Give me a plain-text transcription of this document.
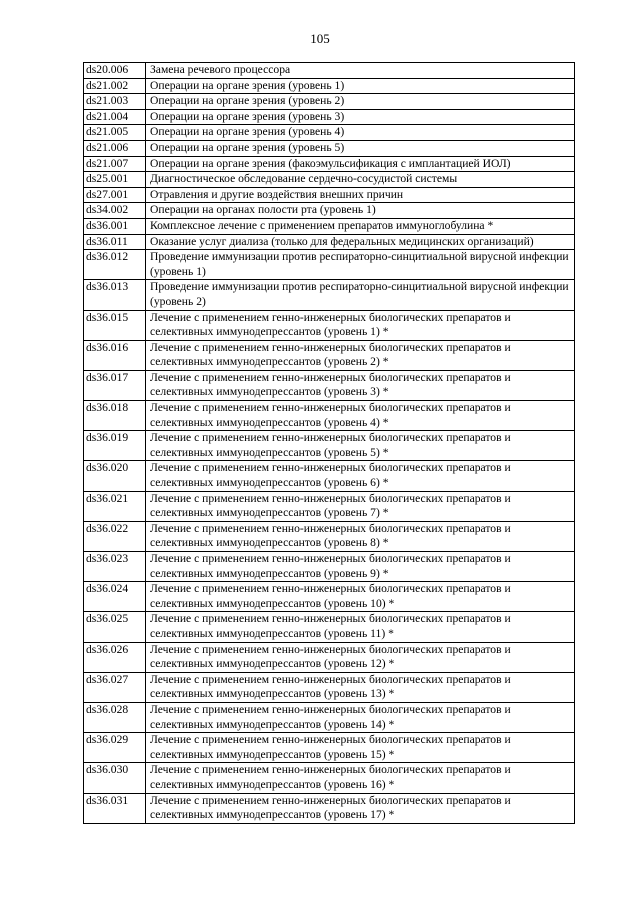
105
ds20.006	Замена речевого процессора
ds21.002	Операции на органе зрения (уровень 1)
ds21.003	Операции на органе зрения (уровень 2)
ds21.004	Операции на органе зрения (уровень 3)
ds21.005	Операции на органе зрения (уровень 4)
ds21.006	Операции на органе зрения (уровень 5)
ds21.007	Операции на органе зрения (факоэмульсификация с имплантацией ИОЛ)
ds25.001	Диагностическое обследование сердечно-сосудистой системы
ds27.001	Отравления и другие воздействия внешних причин
ds34.002	Операции на органах полости рта (уровень 1)
ds36.001	Комплексное лечение с применением препаратов иммуноглобулина *
ds36.011	Оказание услуг диализа (только для федеральных медицинских организаций)
ds36.012	Проведение иммунизации против респираторно-синцитиальной вирусной инфекции (уровень 1)
ds36.013	Проведение иммунизации против респираторно-синцитиальной вирусной инфекции (уровень 2)
ds36.015	Лечение с применением генно-инженерных биологических препаратов и селективных иммунодепрессантов (уровень 1) *
ds36.016	Лечение с применением генно-инженерных биологических препаратов и селективных иммунодепрессантов (уровень 2) *
ds36.017	Лечение с применением генно-инженерных биологических препаратов и селективных иммунодепрессантов (уровень 3) *
ds36.018	Лечение с применением генно-инженерных биологических препаратов и селективных иммунодепрессантов (уровень 4) *
ds36.019	Лечение с применением генно-инженерных биологических препаратов и селективных иммунодепрессантов (уровень 5) *
ds36.020	Лечение с применением генно-инженерных биологических препаратов и селективных иммунодепрессантов (уровень 6) *
ds36.021	Лечение с применением генно-инженерных биологических препаратов и селективных иммунодепрессантов (уровень 7) *
ds36.022	Лечение с применением генно-инженерных биологических препаратов и селективных иммунодепрессантов (уровень 8) *
ds36.023	Лечение с применением генно-инженерных биологических препаратов и селективных иммунодепрессантов (уровень 9) *
ds36.024	Лечение с применением генно-инженерных биологических препаратов и селективных иммунодепрессантов (уровень 10) *
ds36.025	Лечение с применением генно-инженерных биологических препаратов и селективных иммунодепрессантов (уровень 11) *
ds36.026	Лечение с применением генно-инженерных биологических препаратов и селективных иммунодепрессантов (уровень 12) *
ds36.027	Лечение с применением генно-инженерных биологических препаратов и селективных иммунодепрессантов (уровень 13) *
ds36.028	Лечение с применением генно-инженерных биологических препаратов и селективных иммунодепрессантов (уровень 14) *
ds36.029	Лечение с применением генно-инженерных биологических препаратов и селективных иммунодепрессантов (уровень 15) *
ds36.030	Лечение с применением генно-инженерных биологических препаратов и селективных иммунодепрессантов (уровень 16) *
ds36.031	Лечение с применением генно-инженерных биологических препаратов и селективных иммунодепрессантов (уровень 17) *
